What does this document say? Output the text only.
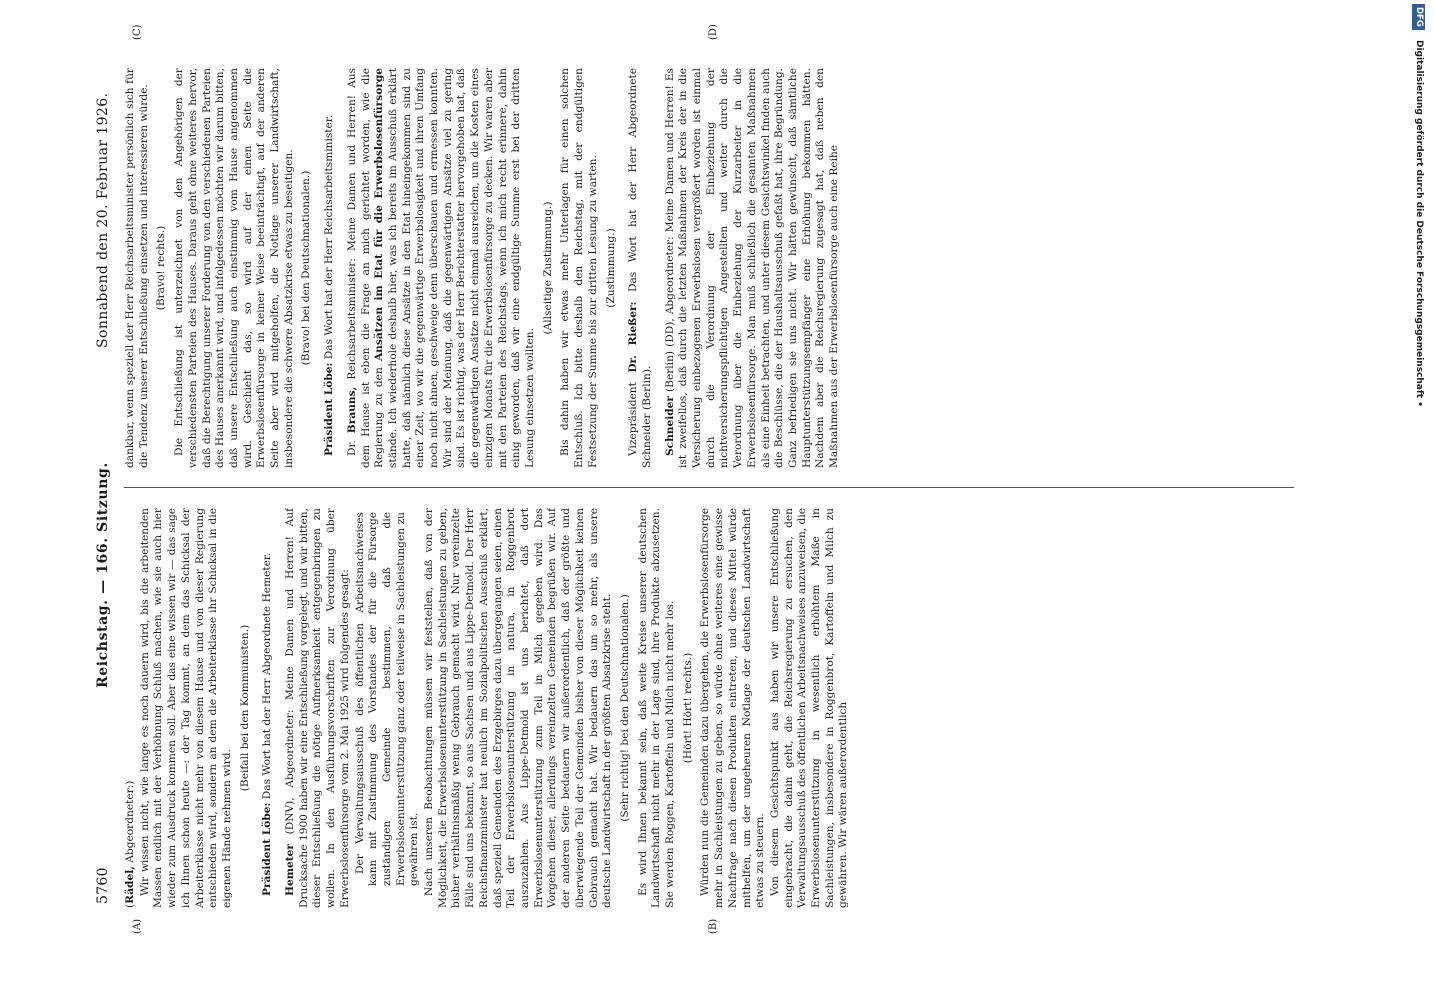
5760
Reichstag. — 166. Sitzung.
Sonnabend den 20. Februar 1926.
(A)	(B)
(C)	(D)

(Rädel, Abgeordneter:) Wir wissen nicht, wie lange es noch dauern wird, bis die arbeitenden Massen endlich mit der Verhöhnung Schluß machen, wie sie auch hier wieder zum Ausdruck kommen soll. Aber das eine wissen wir — das sage ich Ihnen schon heute —: der Tag kommt, an dem das Schicksal der Arbeiterklasse nicht mehr von diesem Hause und von dieser Regierung entschieden wird, sondern an dem die Arbeiterklasse ihr Schicksal in die eigenen Hände nehmen wird.

(Beifall bei den Kommunisten.)

Präsident Löbe: Das Wort hat der Herr Abgeordnete Hemeter.

Hemeter (DNV), Abgeordneter: Meine Damen und Herren! Auf Drucksache 1900 haben wir eine Entschließung vorgelegt, und wir bitten, dieser Entschließung die nötige Aufmerksamkeit entgegenbringen zu wollen. In den Ausführungsvorschriften zur Verordnung über Erwerbslosenfürsorge vom 2. Mai 1925 wird folgendes gesagt: Der Verwaltungsausschuß des öffentlichen Arbeitsnachweises kann mit Zustimmung des Vorstandes der für die Fürsorge zuständigen Gemeinde bestimmen, daß die Erwerbslosenunterstützung ganz oder teilweise in Sachleistungen zu gewähren ist. Nach unseren Beobachtungen müssen wir feststellen, daß von der Möglichkeit, die Erwerbslosenunterstützung in Sachleistungen zu geben, bisher verhältnismäßig wenig Gebrauch gemacht wird. Nur vereinzelte Fälle sind uns bekannt, so aus Sachsen und aus Lippe-Detmold. Der Herr Reichsfinanzminister hat neulich im Sozialpolitischen Ausschuß erklärt, daß speziell Gemeinden des Erzgebirges dazu übergegangen seien, einen Teil der Erwerbslosenunterstützung in natura, in Roggenbrot auszuzahlen. Aus Lippe-Detmold ist uns berichtet, daß dort Erwerbslosenunterstützung zum Teil in Milch gegeben wird. Das Vorgehen dieser, allerdings vereinzelten Gemeinden begrüßen wir. Auf der anderen Seite bedauern wir außerordentlich, daß der größte und überwiegende Teil der Gemeinden bisher von dieser Möglichkeit keinen Gebrauch gemacht hat. Wir bedauern das um so mehr, als unsere deutsche Landwirtschaft in der größten Absatzkrise steht. (Sehr richtig! bei den Deutschnationalen.) Es wird Ihnen bekannt sein, daß weite Kreise unserer deutschen Landwirtschaft nicht mehr in der Lage sind, ihre Produkte abzusetzen. Sie werden Roggen, Kartoffeln und Milch nicht mehr los. (Hört! Hört! rechts.) Würden nun die Gemeinden dazu übergehen, die Erwerbslosenfürsorge mehr in Sachleistungen zu geben, so würde ohne weiteres eine gewisse Nachfrage nach diesen Produkten eintreten, und dieses Mittel würde mithelfen, um der ungeheuren Notlage der deutschen Landwirtschaft etwas zu steuern. Von diesem Gesichtspunkt aus haben wir unsere Entschließung eingebracht, die dahin geht, die Reichsregierung zu ersuchen, den Verwaltungsausschuß des öffentlichen Arbeitsnachweises anzuweisen, die Erwerbslosenunterstützung in wesentlich erhöhtem Maße in Sachleistungen, insbesondere in Roggenbrot, Kartoffeln und Milch zu gewähren. Wir wären außerordentlich

dankbar, wenn speziell der Herr Reichsarbeitsminister persönlich sich für die Tendenz unserer Entschließung einsetzen und interessieren würde. (Bravo! rechts.) Die Entschließung ist unterzeichnet von den Angehörigen der verschiedensten Parteien des Hauses. Daraus geht ohne weiteres hervor, daß die Berechtigung unserer Forderung von den verschiedenen Parteien des Hauses anerkannt wird, und infolgedessen möchten wir darum bitten, daß unsere Entschließung auch einstimmig vom Hause angenommen wird. Geschieht das, so wird auf der einen Seite die Erwerbslosenfürsorge in keiner Weise beeinträchtigt, auf der anderen Seite aber wird mitgeholfen, die Notlage unserer Landwirtschaft, insbesondere die schwere Absatzkrise etwas zu beseitigen. (Bravo! bei den Deutschnationalen.)

Präsident Löbe: Das Wort hat der Herr Reichsarbeitsminister.

Dr. Brauns, Reichsarbeitsminister: Meine Damen und Herren! Aus dem Hause ist eben die Frage an mich gerichtet worden, wie die Regierung zu den Ansätzen im Etat für die Erwerbslosenfürsorge stände. Ich wiederhole deshalb hier, was ich bereits im Ausschuß erklärt hatte, daß nämlich diese Ansätze in den Etat hineingekommen sind zu einer Zeit, wo wir die gegenwärtige Erwerbslosigkeit und ihren Umfang noch nicht ahnen, geschweige denn überschauen und ermessen konnten. Wir sind der Meinung, daß die gegenwärtigen Ansätze viel zu gering sind. Es ist richtig, was der Herr Berichterstatter hervorgehoben hat, daß die gegenwärtigen Ansätze nicht einmal ausreichen, um die Kosten eines einzigen Monats für die Erwerbslosenfürsorge zu decken. Wir waren aber mit den Parteien des Reichstags, wenn ich mich recht erinnere, dahin einig geworden, daß wir eine endgültige Summe erst bei der dritten Lesung einsetzen wollten.

(Allseitige Zustimmung.) Bis dahin haben wir etwas mehr Unterlagen für einen solchen Entschluß. Ich bitte deshalb den Reichstag, mit der endgültigen Festsetzung der Summe bis zur dritten Lesung zu warten. (Zustimmung.)

Vizepräsident Dr. Rießer: Das Wort hat der Herr Abgeordnete Schneider (Berlin). Schneider (Berlin) (DD), Abgeordneter: Meine Damen und Herren! Es ist zweifellos, daß durch die letzten Maßnahmen der Kreis der in die Versicherung einbezogenen Erwerbslosen vergrößert worden ist einmal durch die Verordnung der Einbeziehung der nichtversicherungspflichtigen Angestellten und weiter durch die Verordnung über die Einbeziehung der Kurzarbeiter in die Erwerbslosenfürsorge. Man muß schließlich die gesamten Maßnahmen als eine Einheit betrachten, und unter diesem Gesichtswinkel finden auch die Beschlüsse, die der Haushaltsausschuß gefaßt hat, ihre Begründung. Ganz befriedigen sie uns nicht. Wir hätten gewünscht, daß sämtliche Hauptunterstützungsempfänger eine Erhöhung bekommen hätten. Nachdem aber die Reichsregierung zugesagt hat, daß neben den Maßnahmen aus der Erwerbslosenfürsorge auch eine Reihe

DFG
Digitalisierung gefördert durch die Deutsche Forschungsgemeinschaft •
